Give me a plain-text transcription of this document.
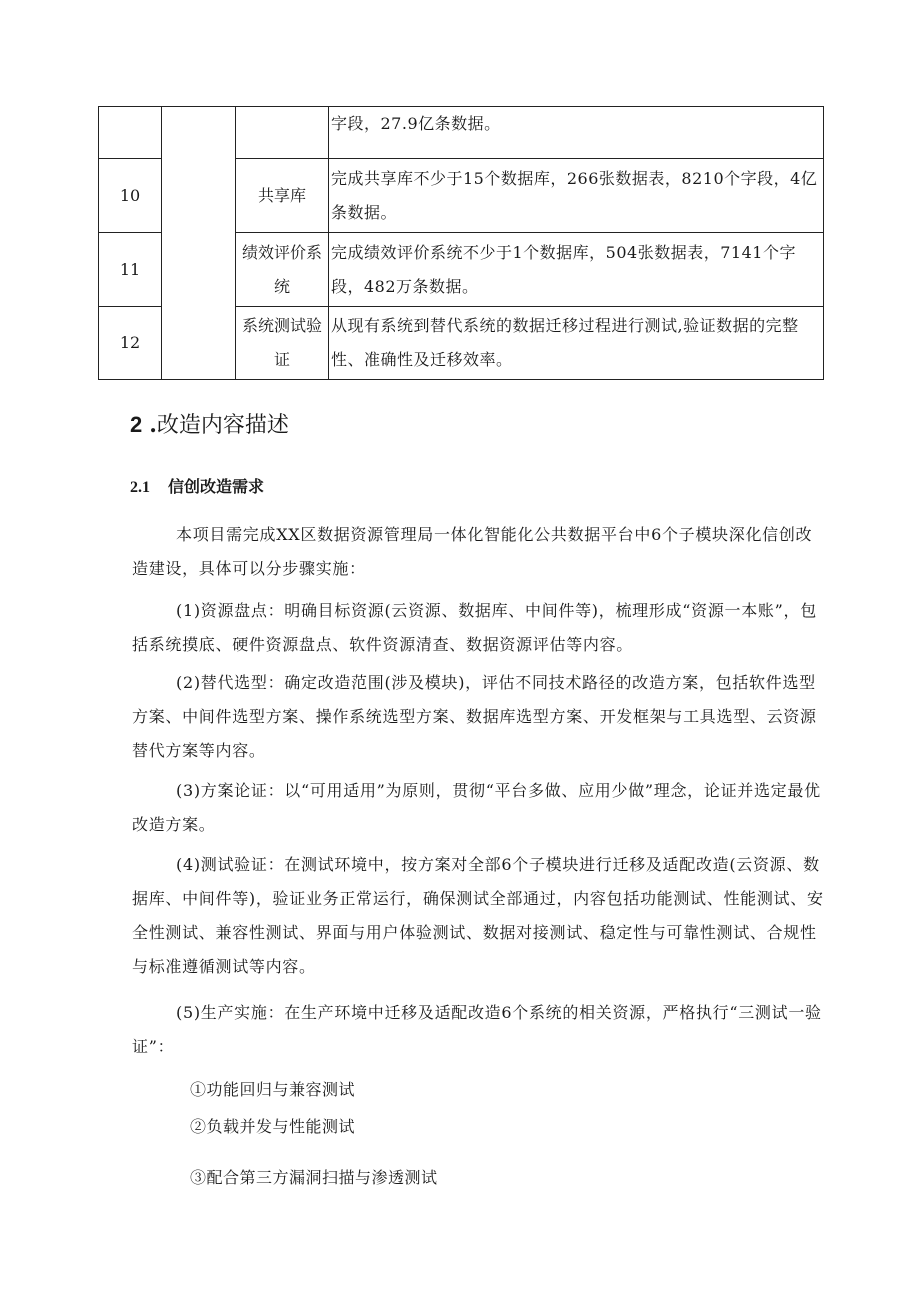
			字段，27.9亿条数据。
10		共享库	完成共享库不少于15个数据库，266张数据表，8210个字段，4亿条数据。
11		绩效评价系统	完成绩效评价系统不少于1个数据库，504张数据表，7141个字段，482万条数据。
12		系统测试验证	从现有系统到替代系统的数据迁移过程进行测试,验证数据的完整性、准确性及迁移效率。
2 .改造内容描述
2.1 信创改造需求

本项目需完成XX区数据资源管理局一体化智能化公共数据平台中6个子模块深化信创改造建设，具体可以分步骤实施：

(1)资源盘点：明确目标资源(云资源、数据库、中间件等)，梳理形成“资源一本账”，包括系统摸底、硬件资源盘点、软件资源清查、数据资源评估等内容。

(2)替代选型：确定改造范围(涉及模块)，评估不同技术路径的改造方案，包括软件选型方案、中间件选型方案、操作系统选型方案、数据库选型方案、开发框架与工具选型、云资源替代方案等内容。

(3)方案论证：以“可用适用”为原则，贯彻“平台多做、应用少做”理念，论证并选定最优改造方案。

(4)测试验证：在测试环境中，按方案对全部6个子模块进行迁移及适配改造(云资源、数据库、中间件等)，验证业务正常运行，确保测试全部通过，内容包括功能测试、性能测试、安全性测试、兼容性测试、界面与用户体验测试、数据对接测试、稳定性与可靠性测试、合规性与标准遵循测试等内容。

(5)生产实施：在生产环境中迁移及适配改造6个系统的相关资源，严格执行“三测试一验证”：

①功能回归与兼容测试

②负载并发与性能测试

③配合第三方漏洞扫描与渗透测试
